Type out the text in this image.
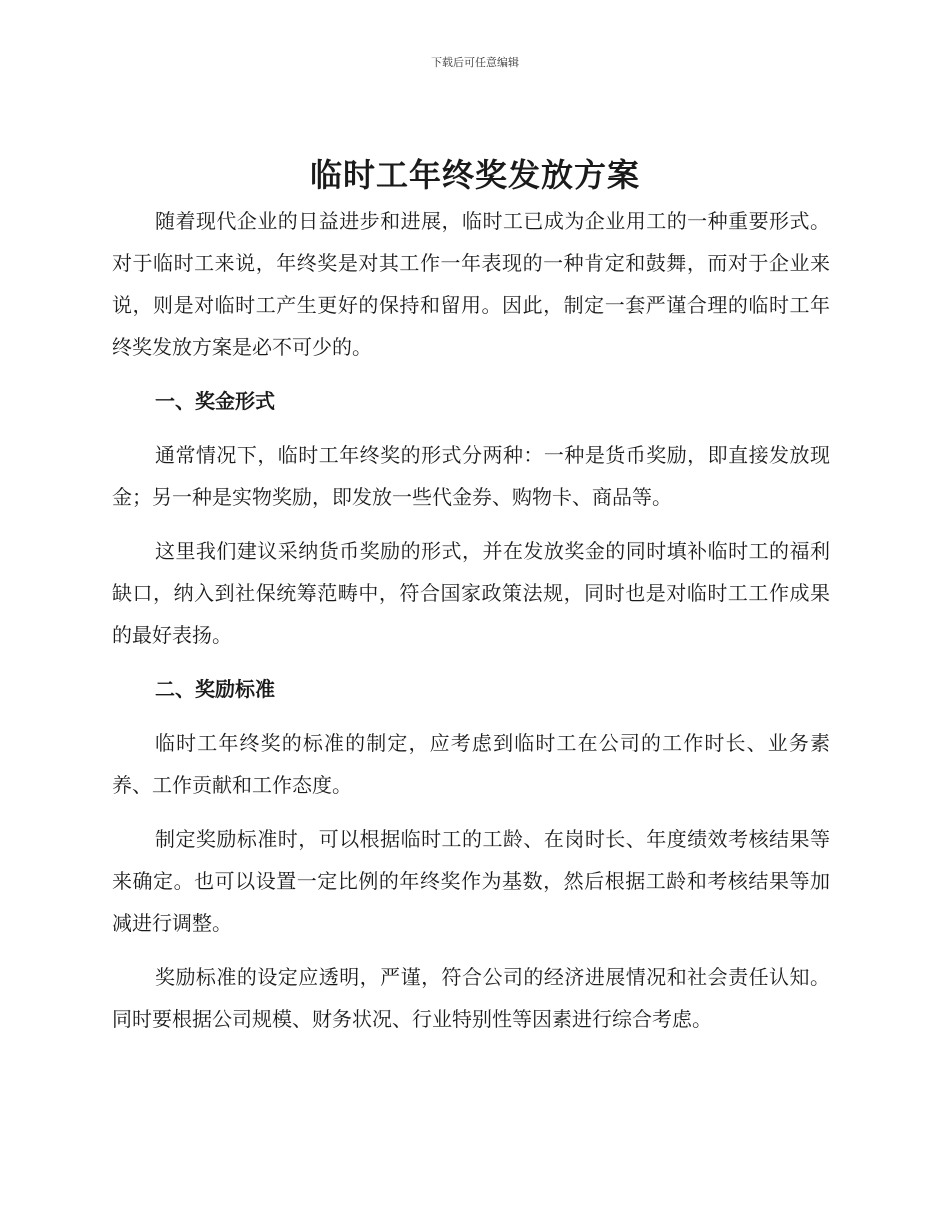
下载后可任意编辑
临时工年终奖发放方案

随着现代企业的日益进步和进展，临时工已成为企业用工的一种重要形式。对于临时工来说，年终奖是对其工作一年表现的一种肯定和鼓舞，而对于企业来说，则是对临时工产生更好的保持和留用。因此，制定一套严谨合理的临时工年终奖发放方案是必不可少的。

一、奖金形式

通常情况下，临时工年终奖的形式分两种：一种是货币奖励，即直接发放现金；另一种是实物奖励，即发放一些代金券、购物卡、商品等。

这里我们建议采纳货币奖励的形式，并在发放奖金的同时填补临时工的福利缺口，纳入到社保统筹范畴中，符合国家政策法规，同时也是对临时工工作成果的最好表扬。

二、奖励标准

临时工年终奖的标准的制定，应考虑到临时工在公司的工作时长、业务素养、工作贡献和工作态度。

制定奖励标准时，可以根据临时工的工龄、在岗时长、年度绩效考核结果等来确定。也可以设置一定比例的年终奖作为基数，然后根据工龄和考核结果等加减进行调整。

奖励标准的设定应透明，严谨，符合公司的经济进展情况和社会责任认知。同时要根据公司规模、财务状况、行业特别性等因素进行综合考虑。
